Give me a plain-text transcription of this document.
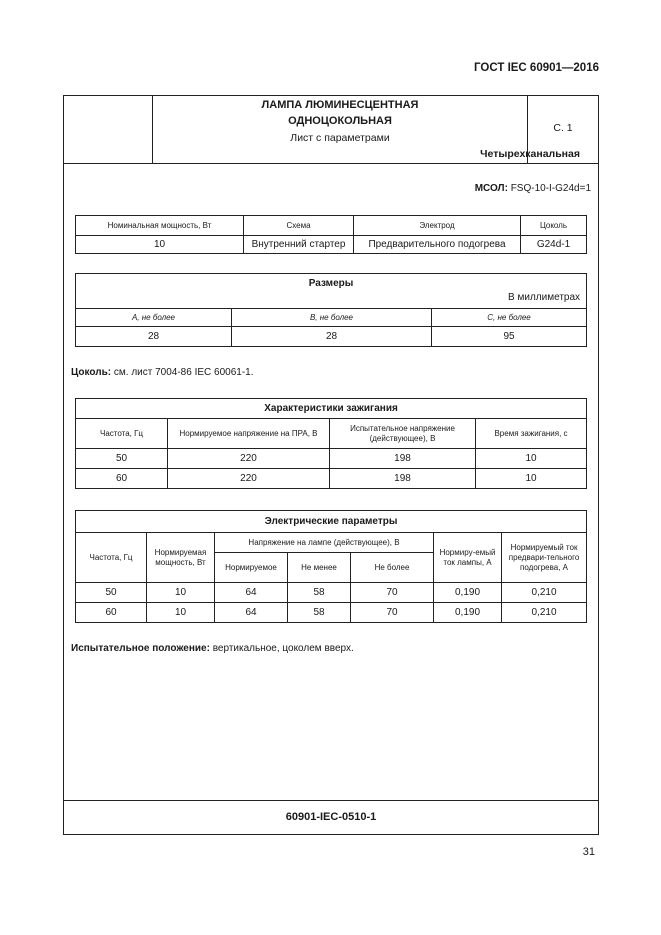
ГОСТ IEC 60901—2016
ЛАМПА ЛЮМИНЕСЦЕНТНАЯ
ОДНОЦОКОЛЬНАЯ
Лист с параметрами
Четырехканальная
С. 1
МСОЛ: FSQ-10-I-G24d=1
Номинальная мощность, Вт	Схема	Электрод	Цоколь
10	Внутренний стартер	Предварительного подогрева	G24d-1
Размеры
В миллиметрах		

A, не более	B, не более	C, не более
28	28	95
Цоколь: см. лист 7004-86 IEC 60061-1.
Характеристики зажигания			
Частота, Гц	Нормируемое напряжение на ПРА, В	Испытательное напряжение (действующее), В	Время зажигания, с
50	220	198	10
60	220	198	10
Электрические параметры						
Частота, Гц	Нормируемая мощность, Вт	Напряжение на лампе (действующее), В			Нормиру-емый ток лампы, А	Нормируемый ток предвари-тельного подогрева, А
		Нормируемое	Не менее	Не более		
50	10	64	58	70	0,190	0,210
60	10	64	58	70	0,190	0,210
Испытательное положение: вертикальное, цоколем вверх.
60901-IEC-0510-1
31
